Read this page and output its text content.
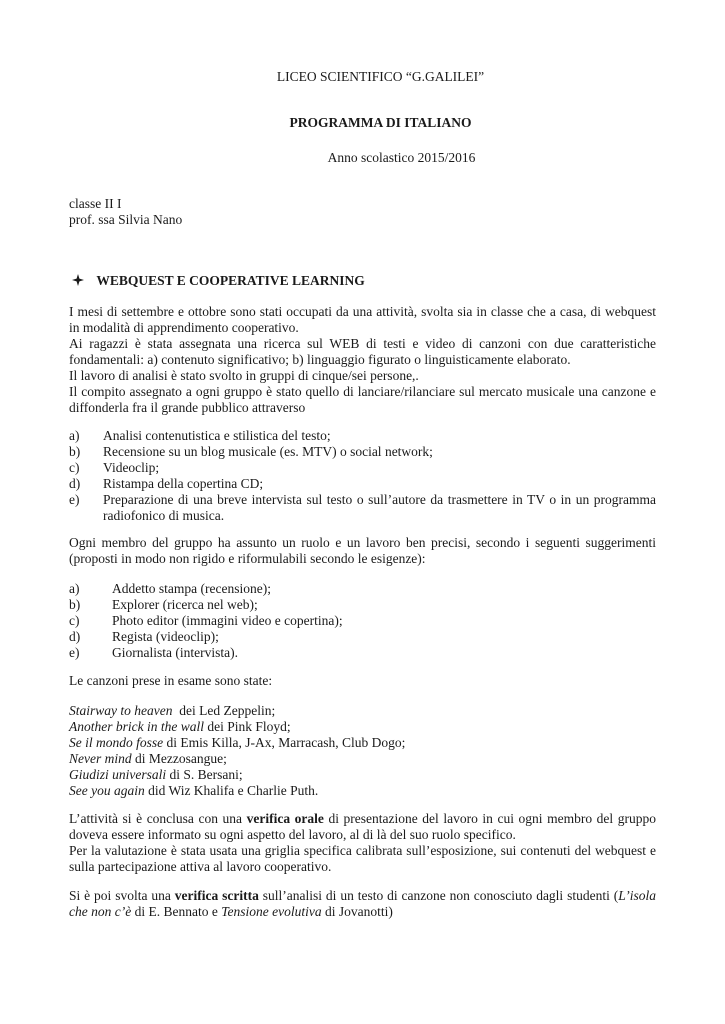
LICEO SCIENTIFICO “G.GALILEI”
PROGRAMMA DI ITALIANO
Anno scolastico 2015/2016
classe II I
prof. ssa Silvia Nano
WEBQUEST E COOPERATIVE LEARNING
I mesi di settembre e ottobre sono stati occupati da una attività, svolta sia in classe che a casa, di webquest in modalità di apprendimento cooperativo.
Ai ragazzi è stata assegnata una ricerca sul WEB di testi e video di canzoni con due caratteristiche fondamentali: a) contenuto significativo; b) linguaggio figurato o linguisticamente elaborato.
Il lavoro di analisi è stato svolto in gruppi di cinque/sei persone,.
Il compito assegnato a ogni gruppo è stato quello di lanciare/rilanciare sul mercato musicale una canzone e diffonderla fra il grande pubblico attraverso
a) Analisi contenutistica e stilistica del testo;
b) Recensione su un blog musicale (es. MTV) o social network;
c) Videoclip;
d) Ristampa della copertina CD;
e) Preparazione di una breve intervista sul testo o sull’autore da trasmettere in TV o in un programma radiofonico di musica.
Ogni membro del gruppo ha assunto un ruolo e un lavoro ben precisi, secondo i seguenti suggerimenti (proposti in modo non rigido e riformulabili secondo le esigenze):
a) Addetto stampa (recensione);
b) Explorer (ricerca nel web);
c) Photo editor (immagini video e copertina);
d) Regista (videoclip);
e) Giornalista (intervista).
Le canzoni prese in esame sono state:
Stairway to heaven  dei Led Zeppelin;
Another brick in the wall dei Pink Floyd;
Se il mondo fosse di Emis Killa, J-Ax, Marracash, Club Dogo;
Never mind di Mezzosangue;
Giudizi universali di S. Bersani;
See you again did Wiz Khalifa e Charlie Puth.
L’attività si è conclusa con una verifica orale di presentazione del lavoro in cui ogni membro del gruppo doveva essere informato su ogni aspetto del lavoro, al di là del suo ruolo specifico.
Per la valutazione è stata usata una griglia specifica calibrata sull’esposizione, sui contenuti del webquest e sulla partecipazione attiva al lavoro cooperativo.
Si è poi svolta una verifica scritta sull’analisi di un testo di canzone non conosciuto dagli studenti (L’isola che non c’è di E. Bennato e Tensione evolutiva di Jovanotti)
